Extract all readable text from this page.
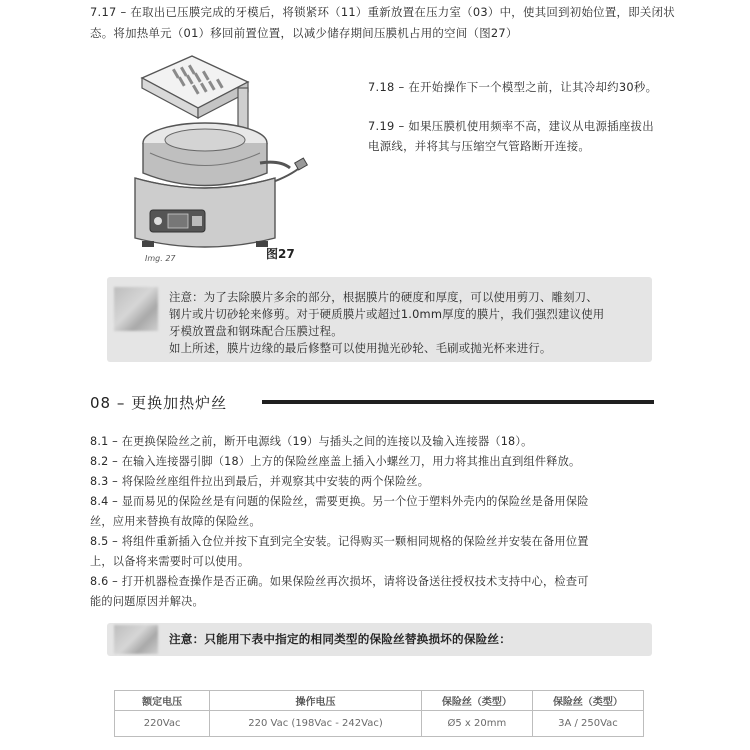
7.17 – 在取出已压膜完成的牙模后，将锁紧环（11）重新放置在压力室（03）中，使其回到初始位置，即关闭状态。将加热单元（01）移回前置位置，以减少储存期间压膜机占用的空间（图27）
Img. 27	图27
7.18 – 在开始操作下一个模型之前，让其冷却约30秒。
7.19 – 如果压膜机使用频率不高，建议从电源插座拔出
电源线，并将其与压缩空气管路断开连接。
注意：为了去除膜片多余的部分，根据膜片的硬度和厚度，可以使用剪刀、雕刻刀、
钢片或片切砂轮来修剪。对于硬质膜片或超过1.0mm厚度的膜片，我们强烈建议使用
牙模放置盘和钢珠配合压膜过程。
如上所述，膜片边缘的最后修整可以使用抛光砂轮、毛刷或抛光杯来进行。
08 – 更换加热炉丝
8.1 – 在更换保险丝之前，断开电源线（19）与插头之间的连接以及输入连接器（18）。
8.2 – 在输入连接器引脚（18）上方的保险丝座盖上插入小螺丝刀，用力将其推出直到组件释放。
8.3 – 将保险丝座组件拉出到最后，并观察其中安装的两个保险丝。
8.4 – 显而易见的保险丝是有问题的保险丝，需要更换。另一个位于塑料外壳内的保险丝是备用保险
丝，应用来替换有故障的保险丝。
8.5 – 将组件重新插入仓位并按下直到完全安装。记得购买一颗相同规格的保险丝并安装在备用位置
上，以备将来需要时可以使用。
8.6 – 打开机器检查操作是否正确。如果保险丝再次损坏，请将设备送往授权技术支持中心，检查可
能的问题原因并解决。
注意：只能用下表中指定的相同类型的保险丝替换损坏的保险丝：
额定电压	操作电压	保险丝（类型）	保险丝（类型）
220Vac	220 Vac (198Vac - 242Vac)	Ø5 x 20mm	3A / 250Vac
